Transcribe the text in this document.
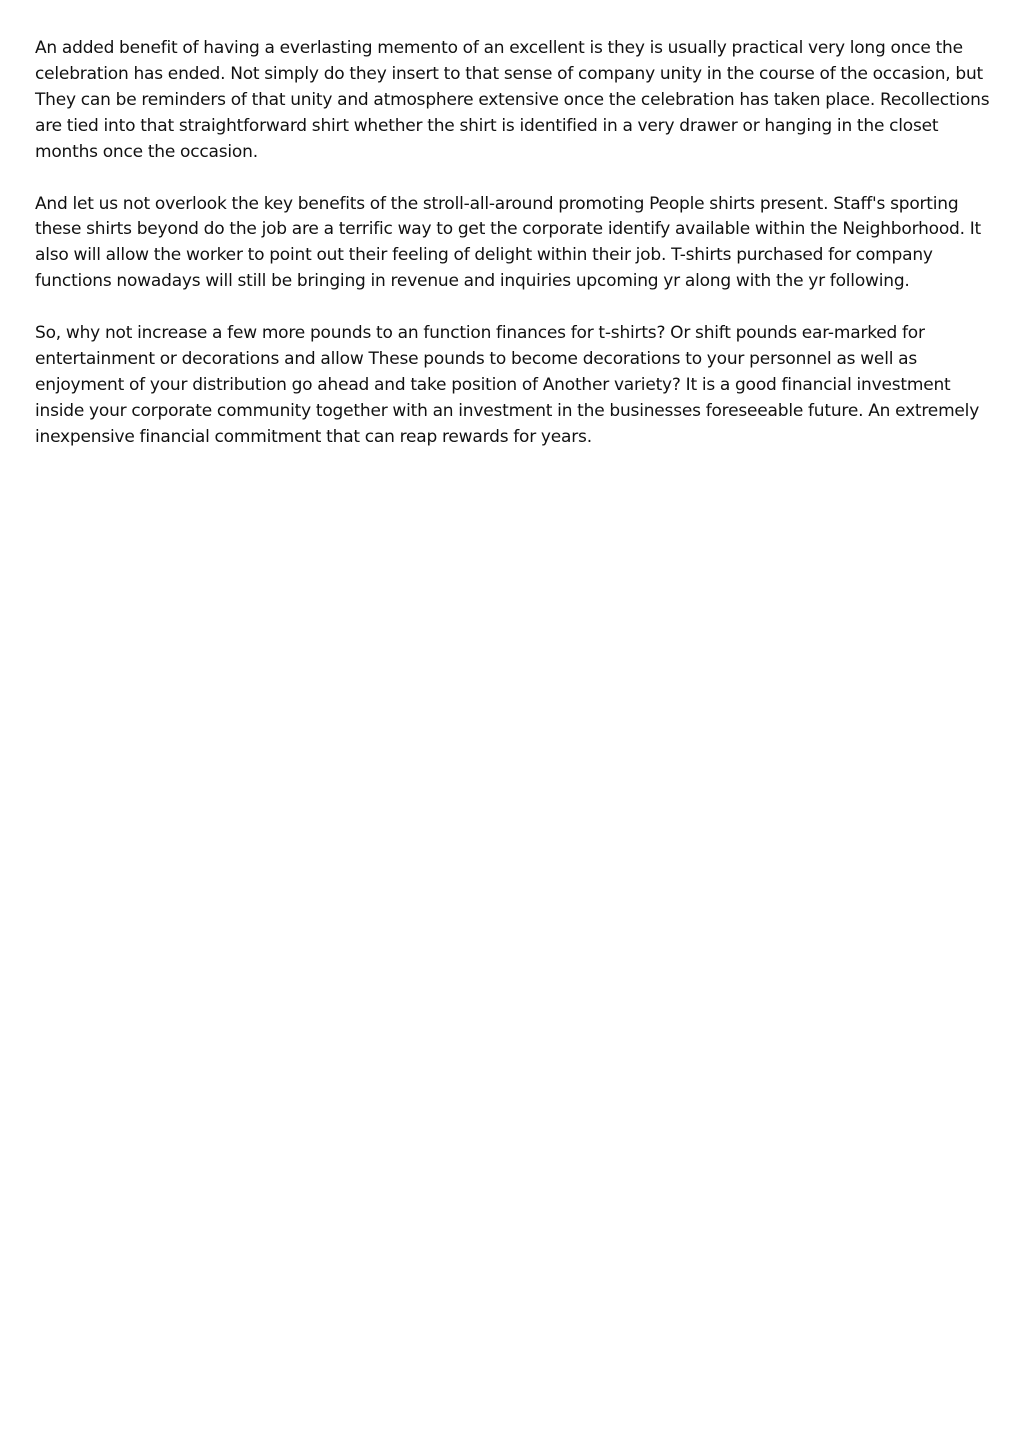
An added benefit of having a everlasting memento of an excellent is they is usually practical very long once the celebration has ended. Not simply do they insert to that sense of company unity in the course of the occasion, but They can be reminders of that unity and atmosphere extensive once the celebration has taken place. Recollections are tied into that straightforward shirt whether the shirt is identified in a very drawer or hanging in the closet months once the occasion.

And let us not overlook the key benefits of the stroll-all-around promoting People shirts present. Staff's sporting these shirts beyond do the job are a terrific way to get the corporate identify available within the Neighborhood. It also will allow the worker to point out their feeling of delight within their job. T-shirts purchased for company functions nowadays will still be bringing in revenue and inquiries upcoming yr along with the yr following.

So, why not increase a few more pounds to an function finances for t-shirts? Or shift pounds ear-marked for entertainment or decorations and allow These pounds to become decorations to your personnel as well as enjoyment of your distribution go ahead and take position of Another variety? It is a good financial investment inside your corporate community together with an investment in the businesses foreseeable future. An extremely inexpensive financial commitment that can reap rewards for years.
